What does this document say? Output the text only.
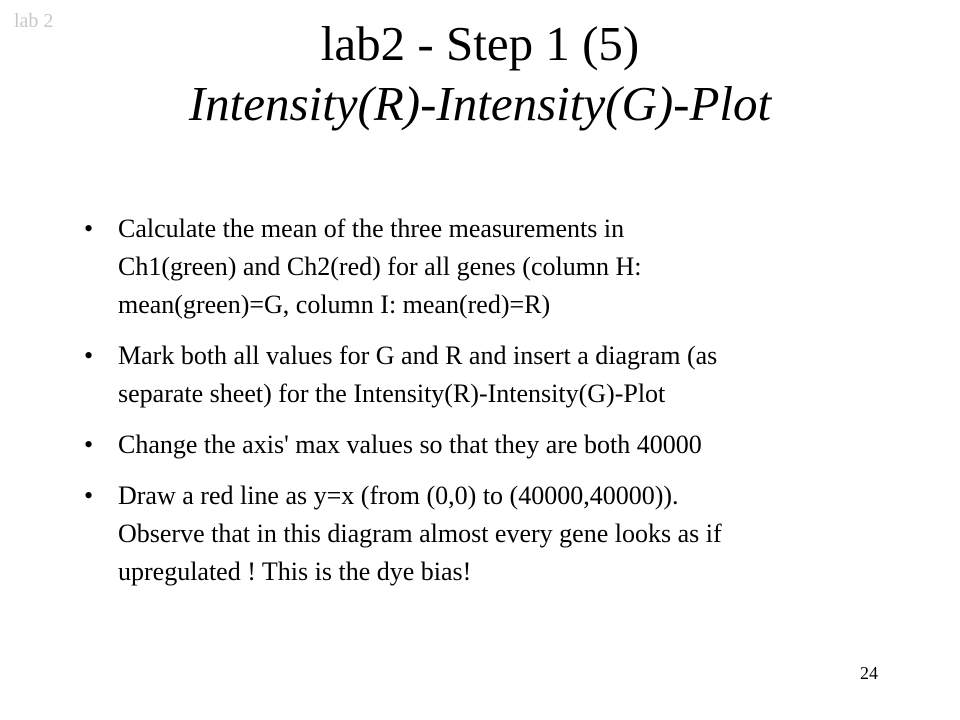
lab 2	lab2 - Step 1 (5)
Intensity(R)-Intensity(G)-Plot
• Calculate the mean of the three measurements in
Ch1(green) and Ch2(red) for all genes (column H:
mean(green)=G, column I: mean(red)=R)
• Mark both all values for G and R and insert a diagram (as
separate sheet) for the Intensity(R)-Intensity(G)-Plot
• Change the axis' max values so that they are both 40000
• Draw a red line as y=x (from (0,0) to (40000,40000)).
Observe that in this diagram almost every gene looks as if
upregulated ! This is the dye bias!
24
